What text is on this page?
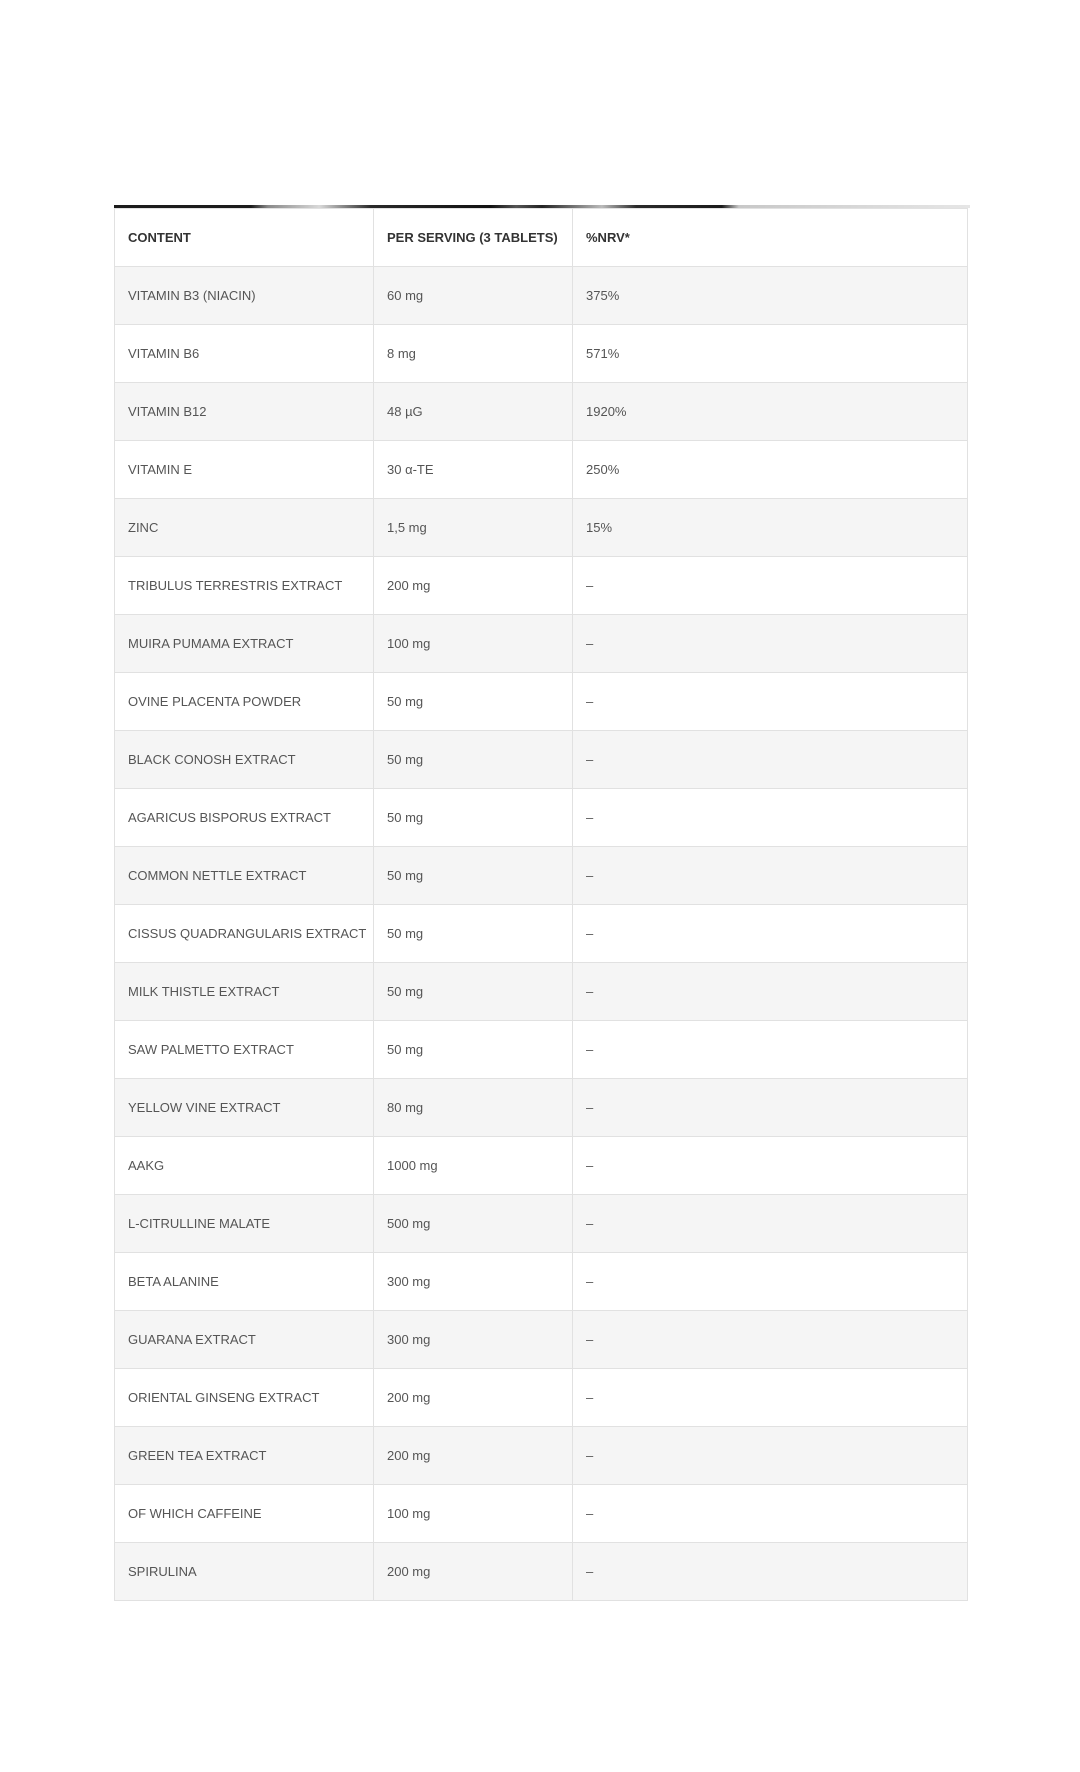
CONTENT	PER SERVING (3 TABLETS)	%NRV*
VITAMIN B3 (NIACIN)	60 mg	375%
VITAMIN B6	8 mg	571%
VITAMIN B12	48 µG	1920%
VITAMIN E	30 α-TE	250%
ZINC	1,5 mg	15%
TRIBULUS TERRESTRIS EXTRACT	200 mg	–
MUIRA PUMAMA EXTRACT	100 mg	–
OVINE PLACENTA POWDER	50 mg	–
BLACK CONOSH EXTRACT	50 mg	–
AGARICUS BISPORUS EXTRACT	50 mg	–
COMMON NETTLE EXTRACT	50 mg	–
CISSUS QUADRANGULARIS EXTRACT	50 mg	–
MILK THISTLE EXTRACT	50 mg	–
SAW PALMETTO EXTRACT	50 mg	–
YELLOW VINE EXTRACT	80 mg	–
AAKG	1000 mg	–
L-CITRULLINE MALATE	500 mg	–
BETA ALANINE	300 mg	–
GUARANA EXTRACT	300 mg	–
ORIENTAL GINSENG EXTRACT	200 mg	–
GREEN TEA EXTRACT	200 mg	–
OF WHICH CAFFEINE	100 mg	–
SPIRULINA	200 mg	–
